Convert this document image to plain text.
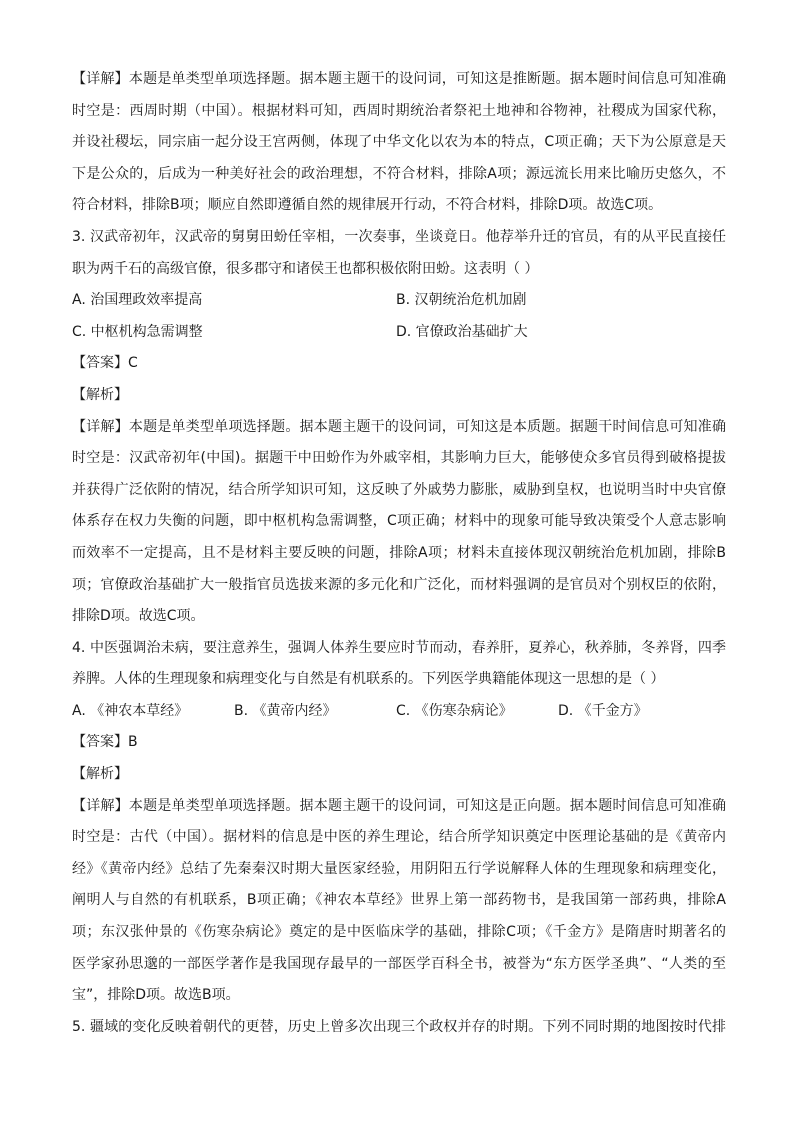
【详解】本题是单类型单项选择题。据本题主题干的设问词，可知这是推断题。据本题时间信息可知准确
时空是：西周时期（中国）。根据材料可知，西周时期统治者祭祀土地神和谷物神，社稷成为国家代称，
并设社稷坛，同宗庙一起分设王宫两侧，体现了中华文化以农为本的特点，C项正确；天下为公原意是天
下是公众的，后成为一种美好社会的政治理想，不符合材料，排除A项；源远流长用来比喻历史悠久，不
符合材料，排除B项；顺应自然即遵循自然的规律展开行动，不符合材料，排除D项。故选C项。
3. 汉武帝初年，汉武帝的舅舅田蚡任宰相，一次奏事，坐谈竟日。他荐举升迁的官员，有的从平民直接任
职为两千石的高级官僚，很多郡守和诸侯王也都积极依附田蚡。这表明（ ）
A. 治国理政效率提高	B. 汉朝统治危机加剧
C. 中枢机构急需调整	D. 官僚政治基础扩大
【答案】C
【解析】
【详解】本题是单类型单项选择题。据本题主题干的设问词，可知这是本质题。据题干时间信息可知准确
时空是：汉武帝初年(中国)。据题干中田蚡作为外戚宰相，其影响力巨大，能够使众多官员得到破格提拔
并获得广泛依附的情况，结合所学知识可知，这反映了外戚势力膨胀，威胁到皇权，也说明当时中央官僚
体系存在权力失衡的问题，即中枢机构急需调整，C项正确；材料中的现象可能导致决策受个人意志影响
而效率不一定提高，且不是材料主要反映的问题，排除A项；材料未直接体现汉朝统治危机加剧，排除B
项；官僚政治基础扩大一般指官员选拔来源的多元化和广泛化，而材料强调的是官员对个别权臣的依附，
排除D项。故选C项。
4. 中医强调治未病，要注意养生，强调人体养生要应时节而动，春养肝，夏养心，秋养肺，冬养肾，四季
养脾。人体的生理现象和病理变化与自然是有机联系的。下列医学典籍能体现这一思想的是（ ）
A. 《神农本草经》	B. 《黄帝内经》	C. 《伤寒杂病论》	D. 《千金方》
【答案】B
【解析】
【详解】本题是单类型单项选择题。据本题主题干的设问词，可知这是正向题。据本题时间信息可知准确
时空是：古代（中国）。据材料的信息是中医的养生理论，结合所学知识奠定中医理论基础的是《黄帝内
经》《黄帝内经》总结了先秦秦汉时期大量医家经验，用阴阳五行学说解释人体的生理现象和病理变化，
阐明人与自然的有机联系，B项正确；《神农本草经》世界上第一部药物书，是我国第一部药典，排除A
项；东汉张仲景的《伤寒杂病论》奠定的是中医临床学的基础，排除C项；《千金方》是隋唐时期著名的
医学家孙思邈的一部医学著作是我国现存最早的一部医学百科全书，被誉为“东方医学圣典”、“人类的至
宝”，排除D项。故选B项。
5. 疆域的变化反映着朝代的更替，历史上曾多次出现三个政权并存的时期。下列不同时期的地图按时代排
